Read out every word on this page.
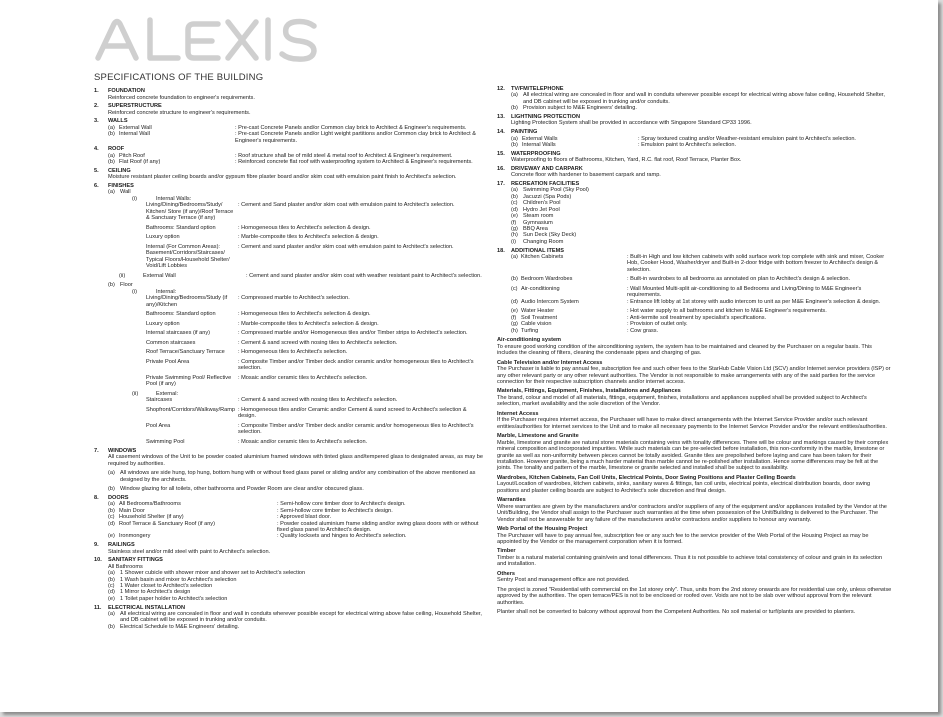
SPECIFICATIONS OF THE BUILDING
1.	FOUNDATION
Reinforced concrete foundation to engineer's requirements.
2.	SUPERSTRUCTURE
Reinforced concrete structure to engineer's requirements.
3.	WALLS
(a) External Wall	: Pre-cast Concrete Panels and/or Common clay brick to Architect & Engineer's requirements.
(b) Internal Wall	: Pre-cast Concrete Panels and/or Light weight partitions and/or Common clay brick to Architect & Engineer's requirements.
4.	ROOF
(a) Pitch Roof	: Roof structure shall be of mild steel & metal roof to Architect & Engineer's requirement.
(b) Flat Roof (if any)	: Reinforced concrete flat roof with waterproofing system to Architect & Engineer's requirements.
5.	CEILING
Moisture resistant plaster ceiling boards and/or gypsum fibre plaster board and/or skim coat with emulsion paint finish to Architect's selection.
6.	FINISHES
(a) Wall
(i)	Internal Walls:
Living/Dining/Bedrooms/Study/ Kitchen/ Store (if any)/Roof Terrace & Sanctuary Terrace (if any)
: Cement and Sand plaster and/or skim coat with emulsion paint to Architect's selection.
Bathrooms: Standard option	: Homogeneous tiles to Architect's selection & design.
Luxury option	: Marble-composite tiles to Architect's selection & design.
Internal (For Common Areas): Basement/Corridors/Staircases/ Typical Floors/Household Shelter/ Void/Lift Lobbies
: Cement and sand plaster and/or skim coat with emulsion paint to Architect's selection.
(ii)	External Wall	: Cement and sand plaster and/or skim coat with weather resistant paint to Architect's selection.
(b) Floor
(i)	Internal:
Living/Dining/Bedrooms/Study (if any)/Kitchen
: Compressed marble to Architect's selection.
Bathrooms: Standard option	: Homogeneous tiles to Architect's selection & design.
Luxury option	: Marble-composite tiles to Architect's selection & design.
Internal staircases (if any)	: Compressed marble and/or Homogeneous tiles and/or Timber strips to Architect's selection.
Common staircases	: Cement & sand screed with nosing tiles to Architect's selection.
Roof Terrace/Sanctuary Terrace	: Homogeneous tiles to Architect's selection.
Private Pool Area	: Composite Timber and/or Timber deck and/or ceramic and/or homogeneous tiles to Architect's selection.
Private Swimming Pool/ Reflective Pool (if any)
: Mosaic and/or ceramic tiles to Architect's selection.
(ii)	External:
Staircases	: Cement & sand screed with nosing tiles to Architect's selection.
Shopfront/Corridors/Walkway/Ramp	: Homogeneous tiles and/or Ceramic and/or Cement & sand screed to Architect's selection & design.
Pool Area	: Composite Timber and/or Timber deck and/or ceramic and/or homogeneous tiles to Architect's selection.
Swimming Pool	: Mosaic and/or ceramic tiles to Architect's selection.
7.	WINDOWS
All casement windows of the Unit to be powder coated aluminium framed windows with tinted glass and/tempered glass to designated areas, as may be required by authorities.
(a) All windows are side hung, top hung, bottom hung with or without fixed glass panel or sliding and/or any combination of the above mentioned as designed by the architects.
(b) Window glazing for all toilets, other bathrooms and Powder Room are clear and/or obscured glass.
8.	DOORS
(a) All Bedrooms/Bathrooms	: Semi-hollow core timber door to Architect's design.
(b) Main Door	: Semi-hollow core timber to Architect's design.
(c) Household Shelter (if any)	: Approved blast door.
(d) Roof Terrace & Sanctuary Roof (if any)	: Powder coated aluminium frame sliding and/or swing glass doors with or without fixed glass panel to Architect's design.
(e) Ironmongery	: Quality locksets and hinges to Architect's selection.
9.	RAILINGS
Stainless steel and/or mild steel with paint to Architect's selection.
10.	SANITARY FITTINGS
All Bathrooms
(a) 1 Shower cubicle with shower mixer and shower set to Architect's selection
(b) 1 Wash basin and mixer to Architect's selection
(c) 1 Water closet to Architect's selection
(d) 1 Mirror to Architect's design
(e) 1 Toilet paper holder to Architect's selection
11.	ELECTRICAL INSTALLATION
(a) All electrical wiring are concealed in floor and wall in conduits wherever possible except for electrical wiring above false ceiling, Household Shelter, and DB cabinet will be exposed in trunking and/or conduits.
(b) Electrical Schedule to M&E Engineers' detailing.
12.	TV/FM/TELEPHONE
(a) All electrical wiring are concealed in floor and wall in conduits wherever possible except for electrical wiring above false ceiling, Household Shelter, and DB cabinet will be exposed in trunking and/or conduits.
(b) Provision subject to M&E Engineers' detailing.
13.	LIGHTNING PROTECTION
Lighting Protection System shall be provided in accordance with Singapore Standard CP33 1996.
14.	PAINTING
(a) External Walls	: Spray textured coating and/or Weather-resistant emulsion paint to Architect's selection.
(b) Internal Walls	: Emulsion paint to Architect's selection.
15.	WATERPROOFING
Waterproofing to floors of Bathrooms, Kitchen, Yard, R.C. flat roof, Roof Terrace, Planter Box.
16.	DRIVEWAY AND CARPARK
Concrete floor with hardener to basement carpark and ramp.
17.	RECREATION FACILITIES
(a) Swimming Pool (Sky Pool)
(b) Jacuzzi (Spa Pods)
(c) Children's Pool
(d) Hydro Jet Pool
(e) Steam room
(f)	Gymnasium
(g) BBQ Area
(h) Sun Deck (Sky Deck)
(i)	Changing Room
18.	ADDITIONAL ITEMS
(a) Kitchen Cabinets	: Built-in High and low kitchen cabinets with solid surface work top complete with sink and mixer, Cooker Hob, Cooker Hood, Washer/dryer and Built-in 2-door fridge with bottom freezer to Architect's design & selection.
(b) Bedroom Wardrobes	: Built-in wardrobes to all bedrooms as annotated on plan to Architect's design & selection.
(c) Air-conditioning	: Wall Mounted Multi-split air-conditioning to all Bedrooms and Living/Dining to M&E Engineer's requirements.
(d) Audio Intercom System	: Entrance lift lobby at 1st storey with audio intercom to unit as per M&E Engineer's selection & design.
(e) Water Heater	: Hot water supply to all bathrooms and kitchen to M&E Engineer's requirements.
(f) Soil Treatment	: Anti-termite soil treatment by specialist's specifications.
(g) Cable vision	: Provision of outlet only.
(h) Turfing	: Cow grass.
Air-conditioning system
To ensure good working condition of the airconditioning system, the system has to be maintained and cleaned by the Purchaser on a regular basis. This includes the cleaning of filters, cleaning the condensate pipes and charging of gas.
Cable Television and/or Internet Access
The Purchaser is liable to pay annual fee, subscription fee and such other fees to the StarHub Cable Vision Ltd (SCV) and/or Internet service providers (ISP) or any other relevant party or any other relevant authorities. The Vendor is not responsible to make arrangements with any of the said parties for the service connection for their respective subscription channels and/or internet access.
Materials, Fittings, Equipment, Finishes, Installations and Appliances
The brand, colour and model of all materials, fittings, equipment, finishes, installations and appliances supplied shall be provided subject to Architect's selection, market availability and the sole discretion of the Vendor.
Internet Access
If the Purchaser requires internet access, the Purchaser will have to make direct arrangements with the Internet Service Provider and/or such relevant entities/authorities for internet services to the Unit and to make all necessary payments to the Internet Service Provider and/or the relevant entities/authorities.
Marble, Limestone and Granite
Marble, limestone and granite are natural stone materials containing veins with tonality differences. There will be colour and markings caused by their complex mineral composition and incorporated impurities. While such materials can be pre-selected before installation, this non-conformity in the marble, limestone or granite as well as non-uniformity between pieces cannot be totally avoided. Granite tiles are prepolished before laying and care has been taken for their installation. However granite, being a much harder material than marble cannot be re-polished after installation. Hence some differences may be felt at the joints. The tonality and pattern of the marble, limestone or granite selected and installed shall be subject to availability.
Wardrobes, Kitchen Cabinets, Fan Coil Units, Electrical Points, Door Swing Positions and Plaster Ceiling Boards
Layout/Location of wardrobes, kitchen cabinets, sinks, sanitary wares & fittings, fan coil units, electrical points, electrical distribution boards, door swing positions and plaster ceiling boards are subject to Architect's sole discretion and final design.
Warranties
Where warranties are given by the manufacturers and/or contractors and/or suppliers of any of the equipment and/or appliances installed by the Vendor at the Unit/Building, the Vendor shall assign to the Purchaser such warranties at the time when possession of the Unit/Building is delivered to the Purchaser. The Vendor shall not be answerable for any failure of the manufacturers and/or contractors and/or suppliers to honour any warranty.
Web Portal of the Housing Project
The Purchaser will have to pay annual fee, subscription fee or any such fee to the service provider of the Web Portal of the Housing Project as may be appointed by the Vendor or the management corporation when it is formed.
Timber
Timber is a natural material containing grain/vein and tonal differences. Thus it is not possible to achieve total consistency of colour and grain in its selection and installation.
Others
Sentry Post and management office are not provided.
The project is zoned "Residential with commercial on the 1st storey only". Thus, units from the 2nd storey onwards are for residential use only, unless otherwise approved by the authorities. The open terrace/PES is not to be enclosed or roofed over. Voids are not to be slab over without approval from the relevant authorities.
Planter shall not be converted to balcony without approval from the Competent Authorities. No soil material or turf/plants are provided to planters.
